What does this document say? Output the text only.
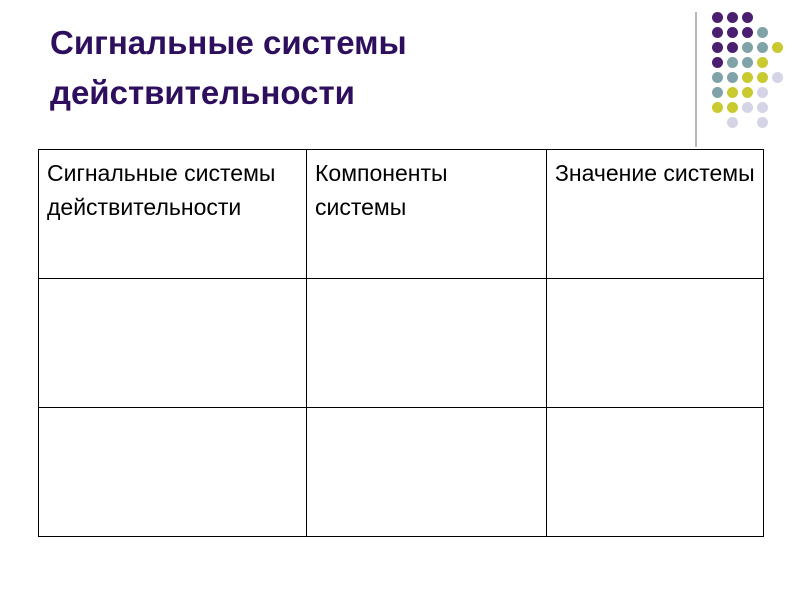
Сигнальные системы
действительности
Сигнальные системы действительности	Компоненты системы	Значение системы
